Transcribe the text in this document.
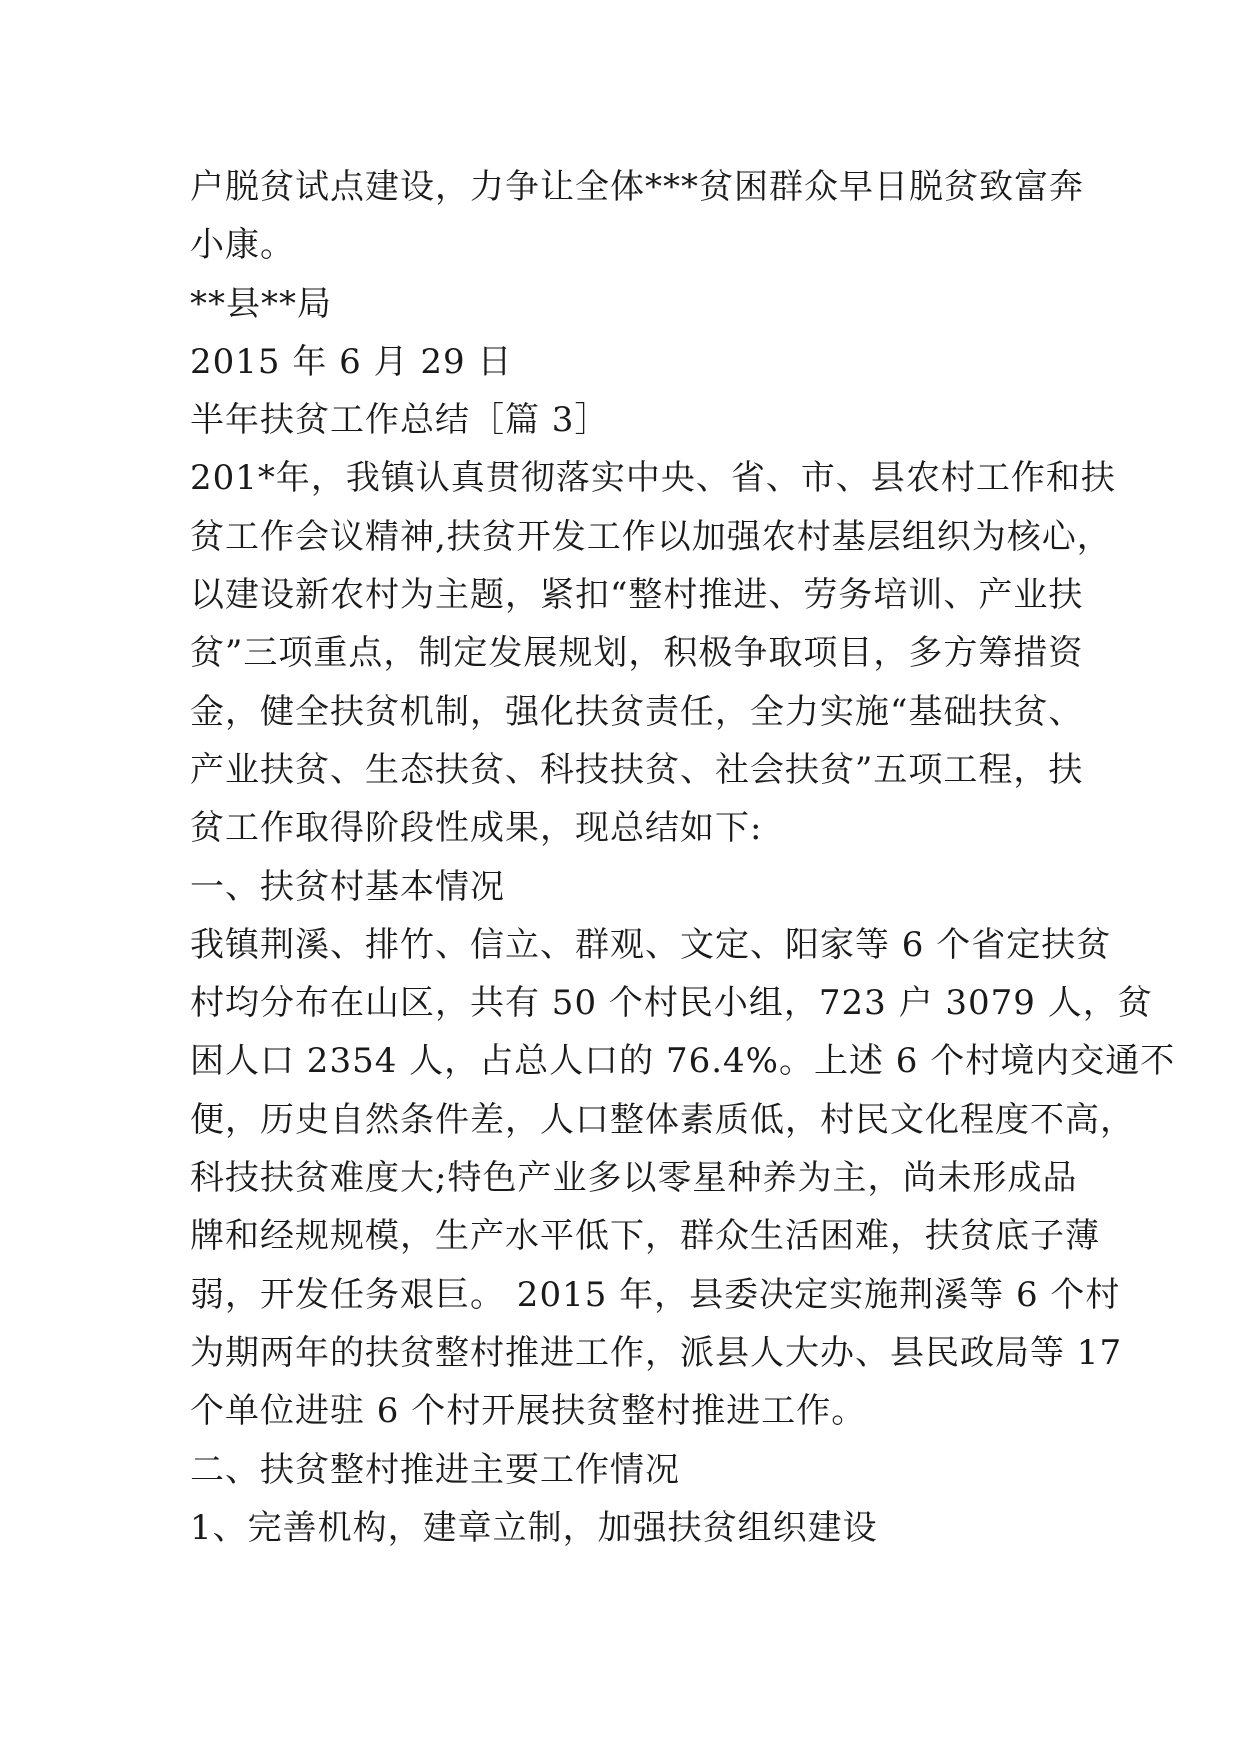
户脱贫试点建设，力争让全体***贫困群众早日脱贫致富奔
小康。
**县**局
2015 年 6 月 29 日
半年扶贫工作总结［篇 3］
201*年，我镇认真贯彻落实中央、省、市、县农村工作和扶
贫工作会议精神,扶贫开发工作以加强农村基层组织为核心，
以建设新农村为主题，紧扣“整村推进、劳务培训、产业扶
贫”三项重点，制定发展规划，积极争取项目，多方筹措资
金，健全扶贫机制，强化扶贫责任，全力实施“基础扶贫、
产业扶贫、生态扶贫、科技扶贫、社会扶贫”五项工程，扶
贫工作取得阶段性成果，现总结如下:
一、扶贫村基本情况
我镇荆溪、排竹、信立、群观、文定、阳家等 6 个省定扶贫
村均分布在山区，共有 50 个村民小组，723 户 3079 人，贫
困人口 2354 人，占总人口的 76.4%。上述 6 个村境内交通不
便，历史自然条件差，人口整体素质低，村民文化程度不高，
科技扶贫难度大;特色产业多以零星种养为主，尚未形成品
牌和经规规模，生产水平低下，群众生活困难，扶贫底子薄
弱，开发任务艰巨。 2015 年，县委决定实施荆溪等 6 个村
为期两年的扶贫整村推进工作，派县人大办、县民政局等 17
个单位进驻 6 个村开展扶贫整村推进工作。
二、扶贫整村推进主要工作情况
1、完善机构，建章立制，加强扶贫组织建设
